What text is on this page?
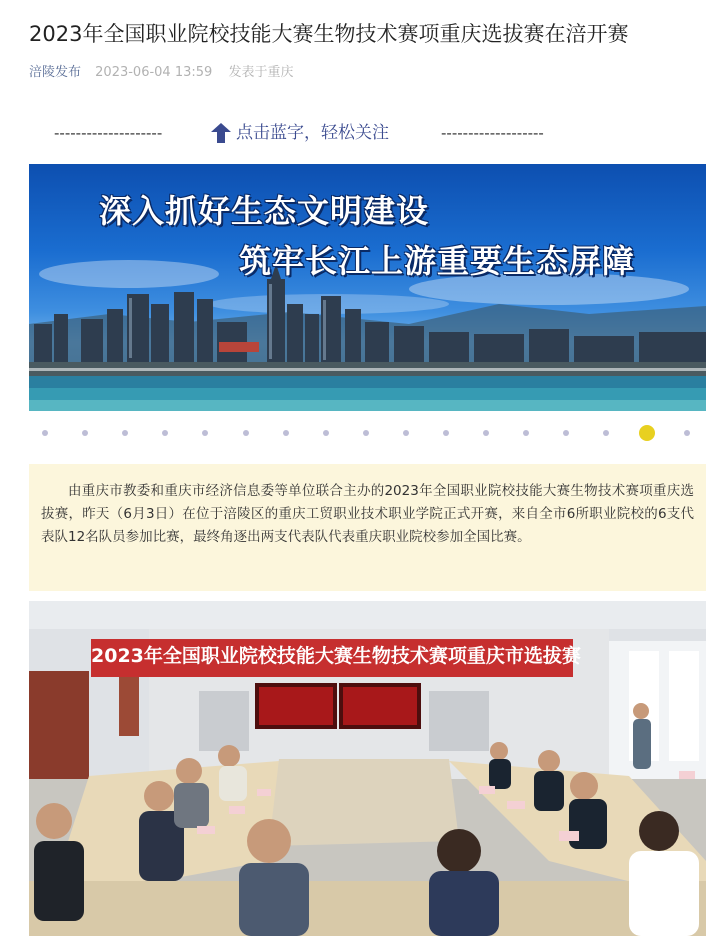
2023年全国职业院校技能大赛生物技术赛项重庆选拔赛在涪开赛
涪陵发布 2023-06-04 13:59 发表于重庆
--------------------	点击蓝字，轻松关注	-------------------
深入抓好生态文明建设
筑牢长江上游重要生态屏障

由重庆市教委和重庆市经济信息委等单位联合主办的2023年全国职业院校技能大赛生物技术赛项重庆选拔赛，昨天（6月3日）在位于涪陵区的重庆工贸职业技术职业学院正式开赛，来自全市6所职业院校的6支代表队12名队员参加比赛，最终角逐出两支代表队代表重庆职业院校参加全国比赛。

2023年全国职业院校技能大赛生物技术赛项重庆市选拔赛
